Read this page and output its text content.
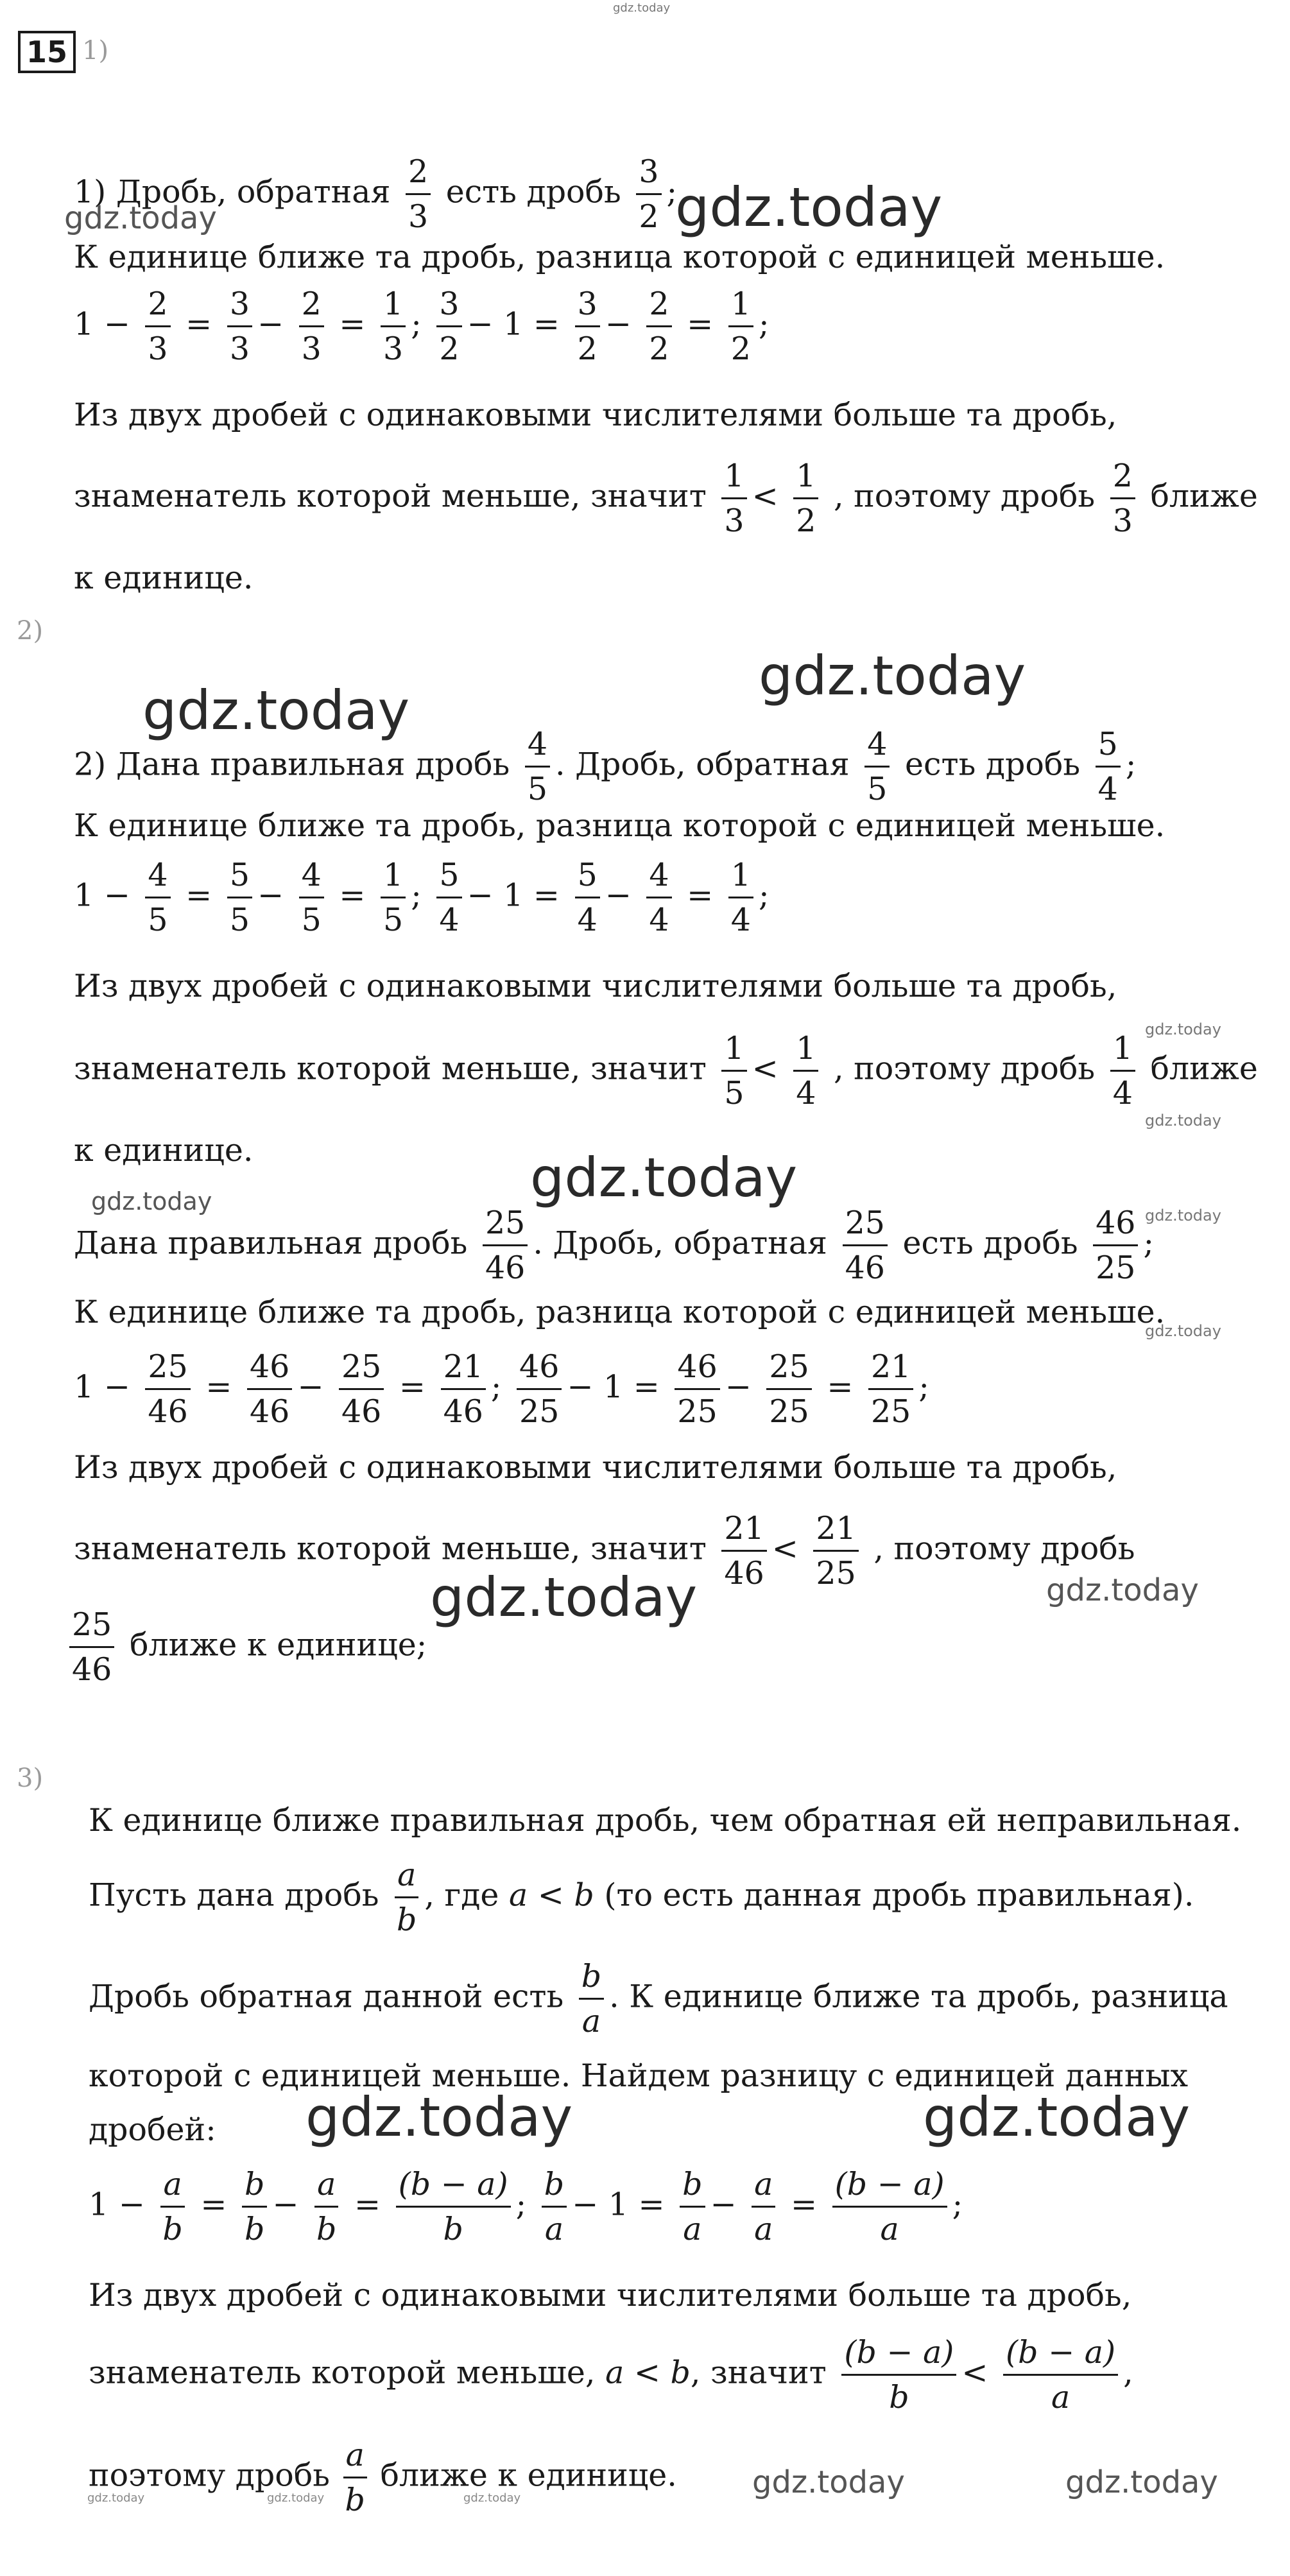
gdz.today
15 1)
1) Дробь, обратная $\frac{2}{3}$ есть дробь $\frac{3}{2}$ ;
К единице ближе та дробь, разница которой с единицей меньше.
$1 - \frac{2}{3} = \frac{3}{3} - \frac{2}{3} = \frac{1}{3}$ ; $\frac{3}{2} - 1 = \frac{3}{2} - \frac{2}{2} = \frac{1}{2}$ ;
Из двух дробей с одинаковыми числителями больше та дробь,
знаменатель которой меньше, значит $\frac{1}{3} < \frac{1}{2}$ , поэтому дробь $\frac{2}{3}$ ближе
к единице.
2)
2) Дана правильная дробь $\frac{4}{5}$ . Дробь, обратная $\frac{4}{5}$ есть дробь $\frac{5}{4}$ ;
К единице ближе та дробь, разница которой с единицей меньше.
$1 - \frac{4}{5} = \frac{5}{5} - \frac{4}{5} = \frac{1}{5}$ ; $\frac{5}{4} - 1 = \frac{5}{4} - \frac{4}{4} = \frac{1}{4}$ ;
Из двух дробей с одинаковыми числителями больше та дробь,
знаменатель которой меньше, значит $\frac{1}{5} < \frac{1}{4}$ , поэтому дробь $\frac{1}{4}$ ближе
к единице.
Дана правильная дробь $\frac{25}{46}$ . Дробь, обратная $\frac{25}{46}$ есть дробь $\frac{46}{25}$ ;
К единице ближе та дробь, разница которой с единицей меньше.
$1 - \frac{25}{46} = \frac{46}{46} - \frac{25}{46} = \frac{21}{46}$ ; $\frac{46}{25} - 1 = \frac{46}{25} - \frac{25}{25} = \frac{21}{25}$ ;
Из двух дробей с одинаковыми числителями больше та дробь,
знаменатель которой меньше, значит $\frac{21}{46} < \frac{21}{25}$ , поэтому дробь
$\frac{25}{46}$ ближе к единице;
3)
К единице ближе правильная дробь, чем обратная ей неправильная.
Пусть дана дробь $\frac{a}{b}$ , где a < b (то есть данная дробь правильная).
Дробь обратная данной есть $\frac{b}{a}$ . К единице ближе та дробь, разница
которой с единицей меньше. Найдем разницу с единицей данных
дробей:
$1 - \frac{a}{b} = \frac{b}{b} - \frac{a}{b} = \frac{(b - a)}{b}$ ; $\frac{b}{a} - 1 = \frac{b}{a} - \frac{a}{a} = \frac{(b - a)}{a}$ ;
Из двух дробей с одинаковыми числителями больше та дробь,
знаменатель которой меньше, a < b, значит $\frac{(b - a)}{b} < \frac{(b - a)}{a}$ ,
поэтому дробь $\frac{a}{b}$ ближе к единице.
gdz.today	gdz.today
gdz.today
gdz.today
gdz.today
gdz.today
gdz.today	gdz.today
gdz.today
gdz.today
gdz.today	gdz.today
gdz.today	gdz.today
gdz.today	gdz.today
gdz.today	gdz.today	gdz.today
